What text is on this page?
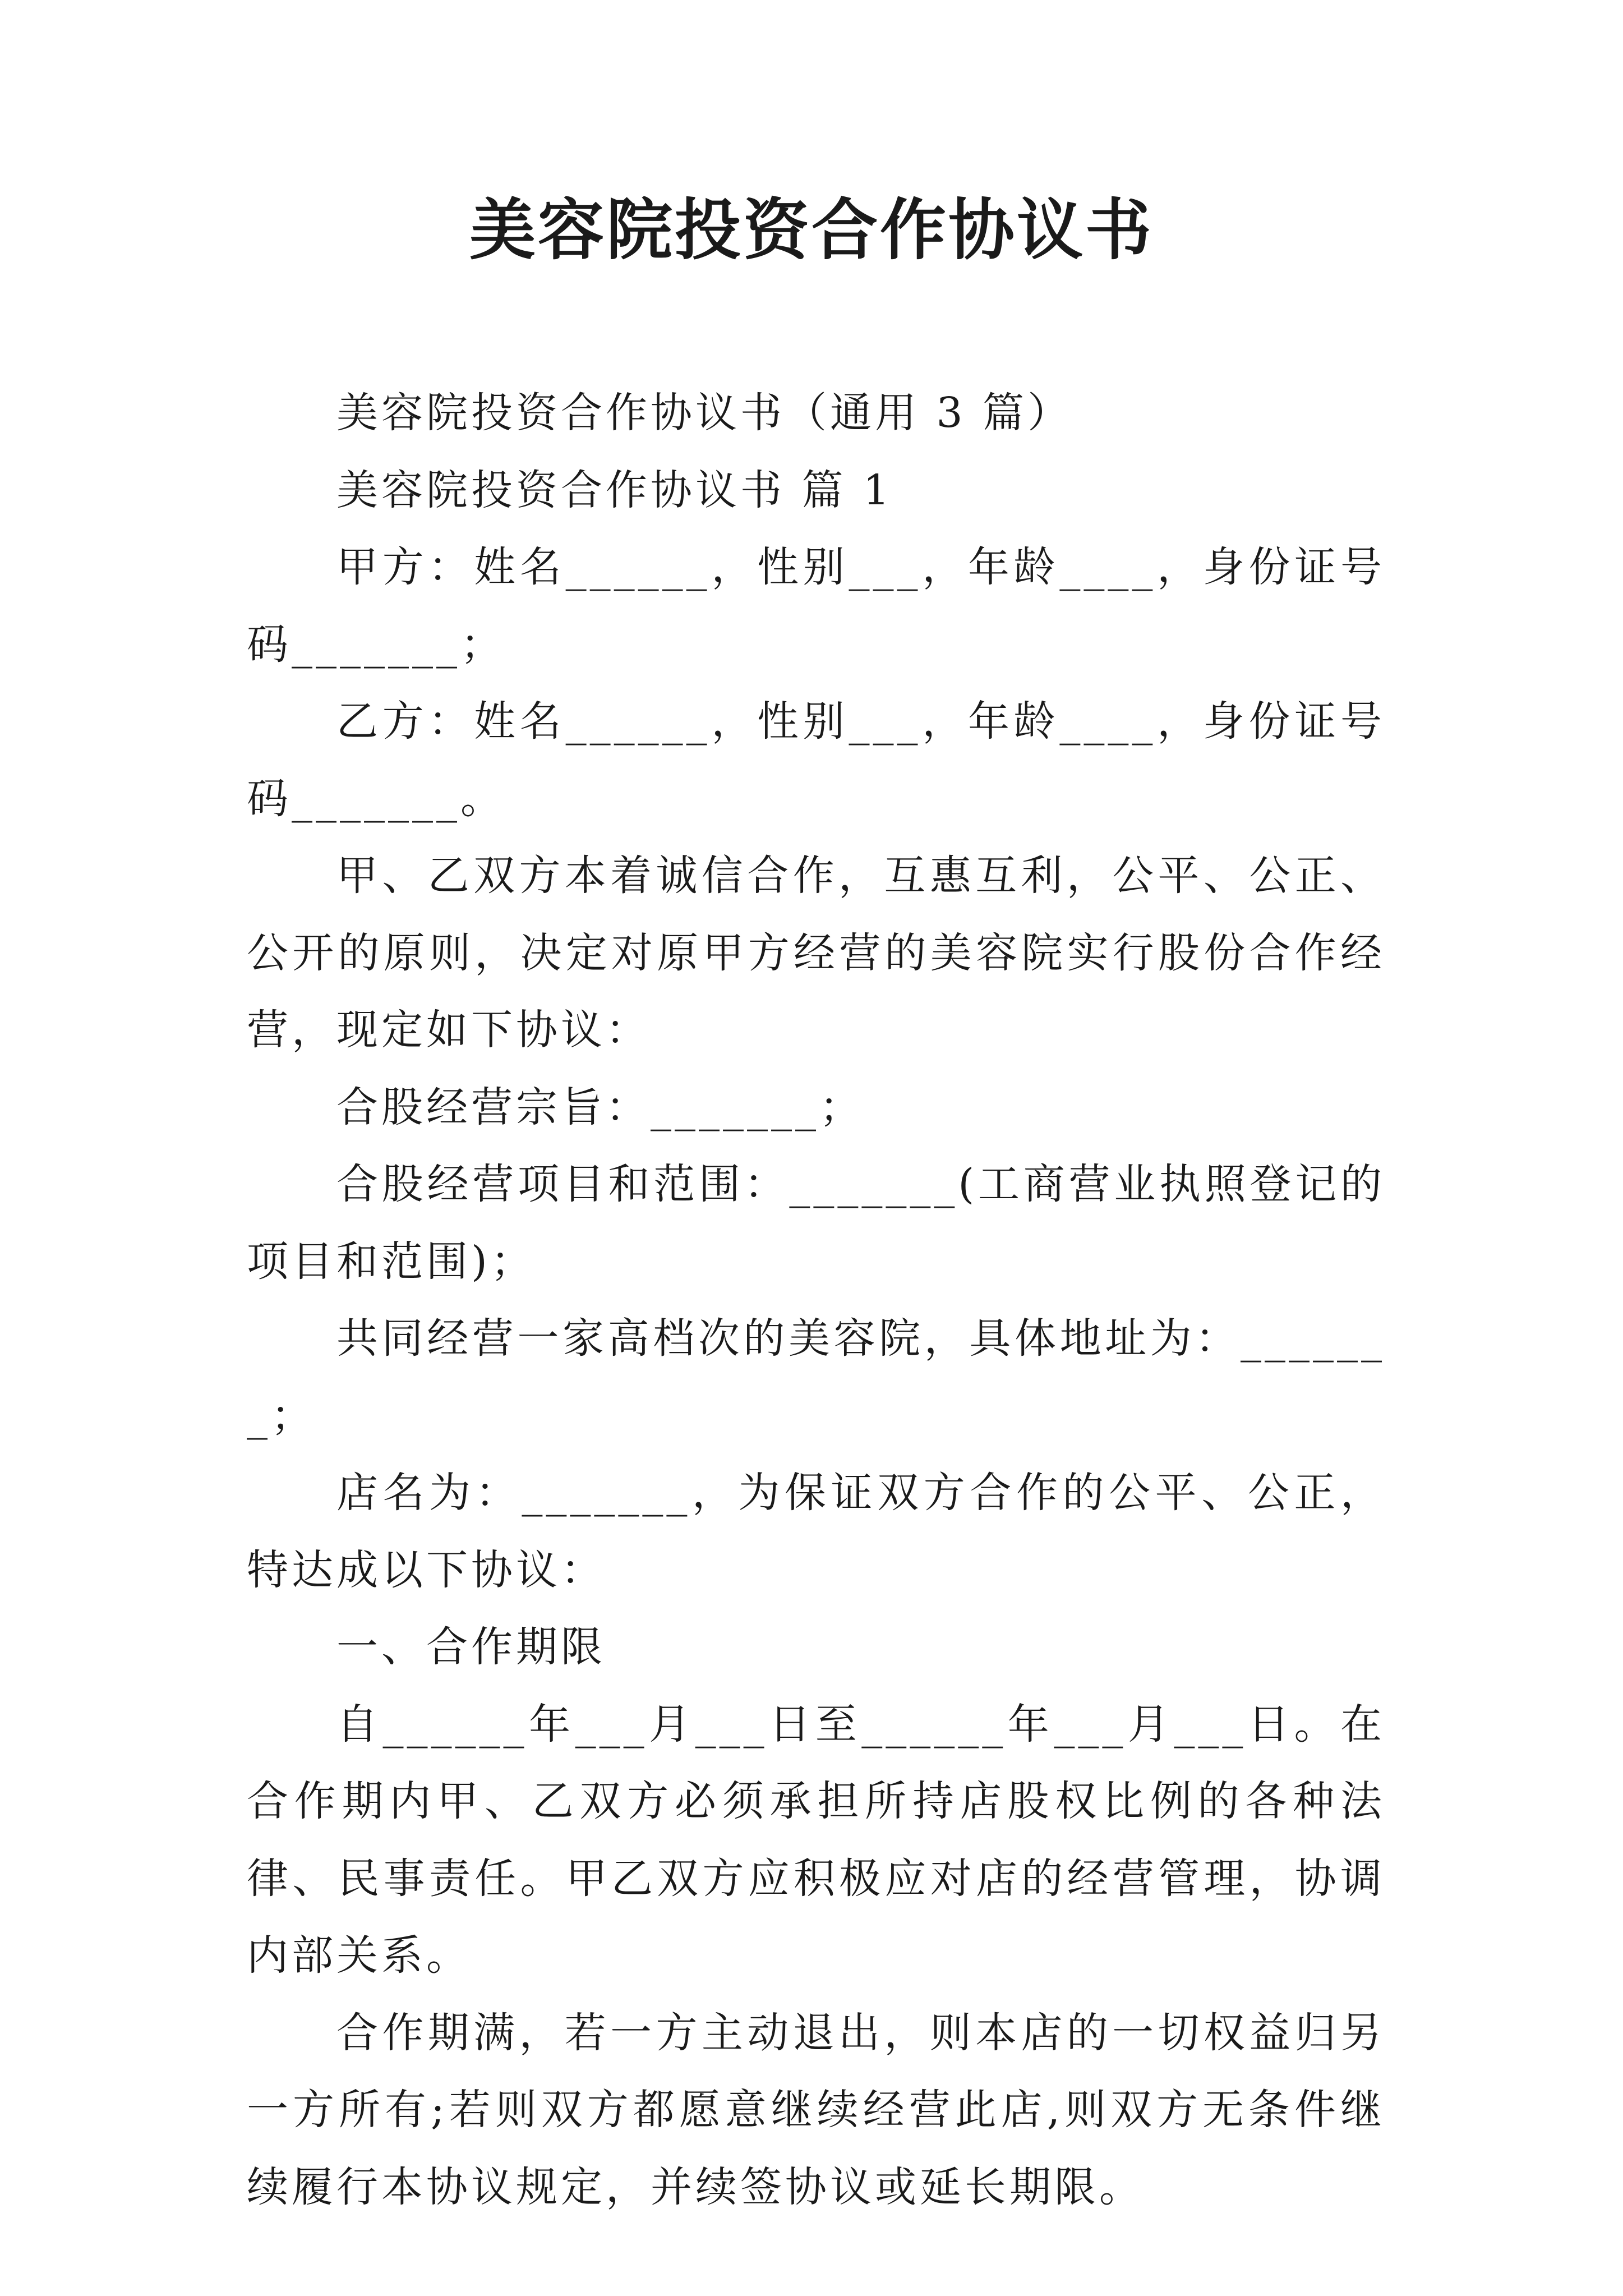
美容院投资合作协议书

美容院投资合作协议书（通用 3 篇）

美容院投资合作协议书 篇 1

甲方：姓名______，性别___，年龄____，身份证号码_______；

乙方：姓名______，性别___，年龄____，身份证号码_______。

甲、乙双方本着诚信合作，互惠互利，公平、公正、公开的原则，决定对原甲方经营的美容院实行股份合作经营，现定如下协议：

合股经营宗旨：_______；

合股经营项目和范围：_______(工商营业执照登记的项目和范围)；

共同经营一家高档次的美容院，具体地址为：_______；

店名为：_______，为保证双方合作的公平、公正，特达成以下协议：

一、合作期限

自______年___月___日至______年___月___日。在合作期内甲、乙双方必须承担所持店股权比例的各种法律、民事责任。甲乙双方应积极应对店的经营管理，协调内部关系。

合作期满，若一方主动退出，则本店的一切权益归另一方所有;若则双方都愿意继续经营此店,则双方无条件继续履行本协议规定，并续签协议或延长期限。
